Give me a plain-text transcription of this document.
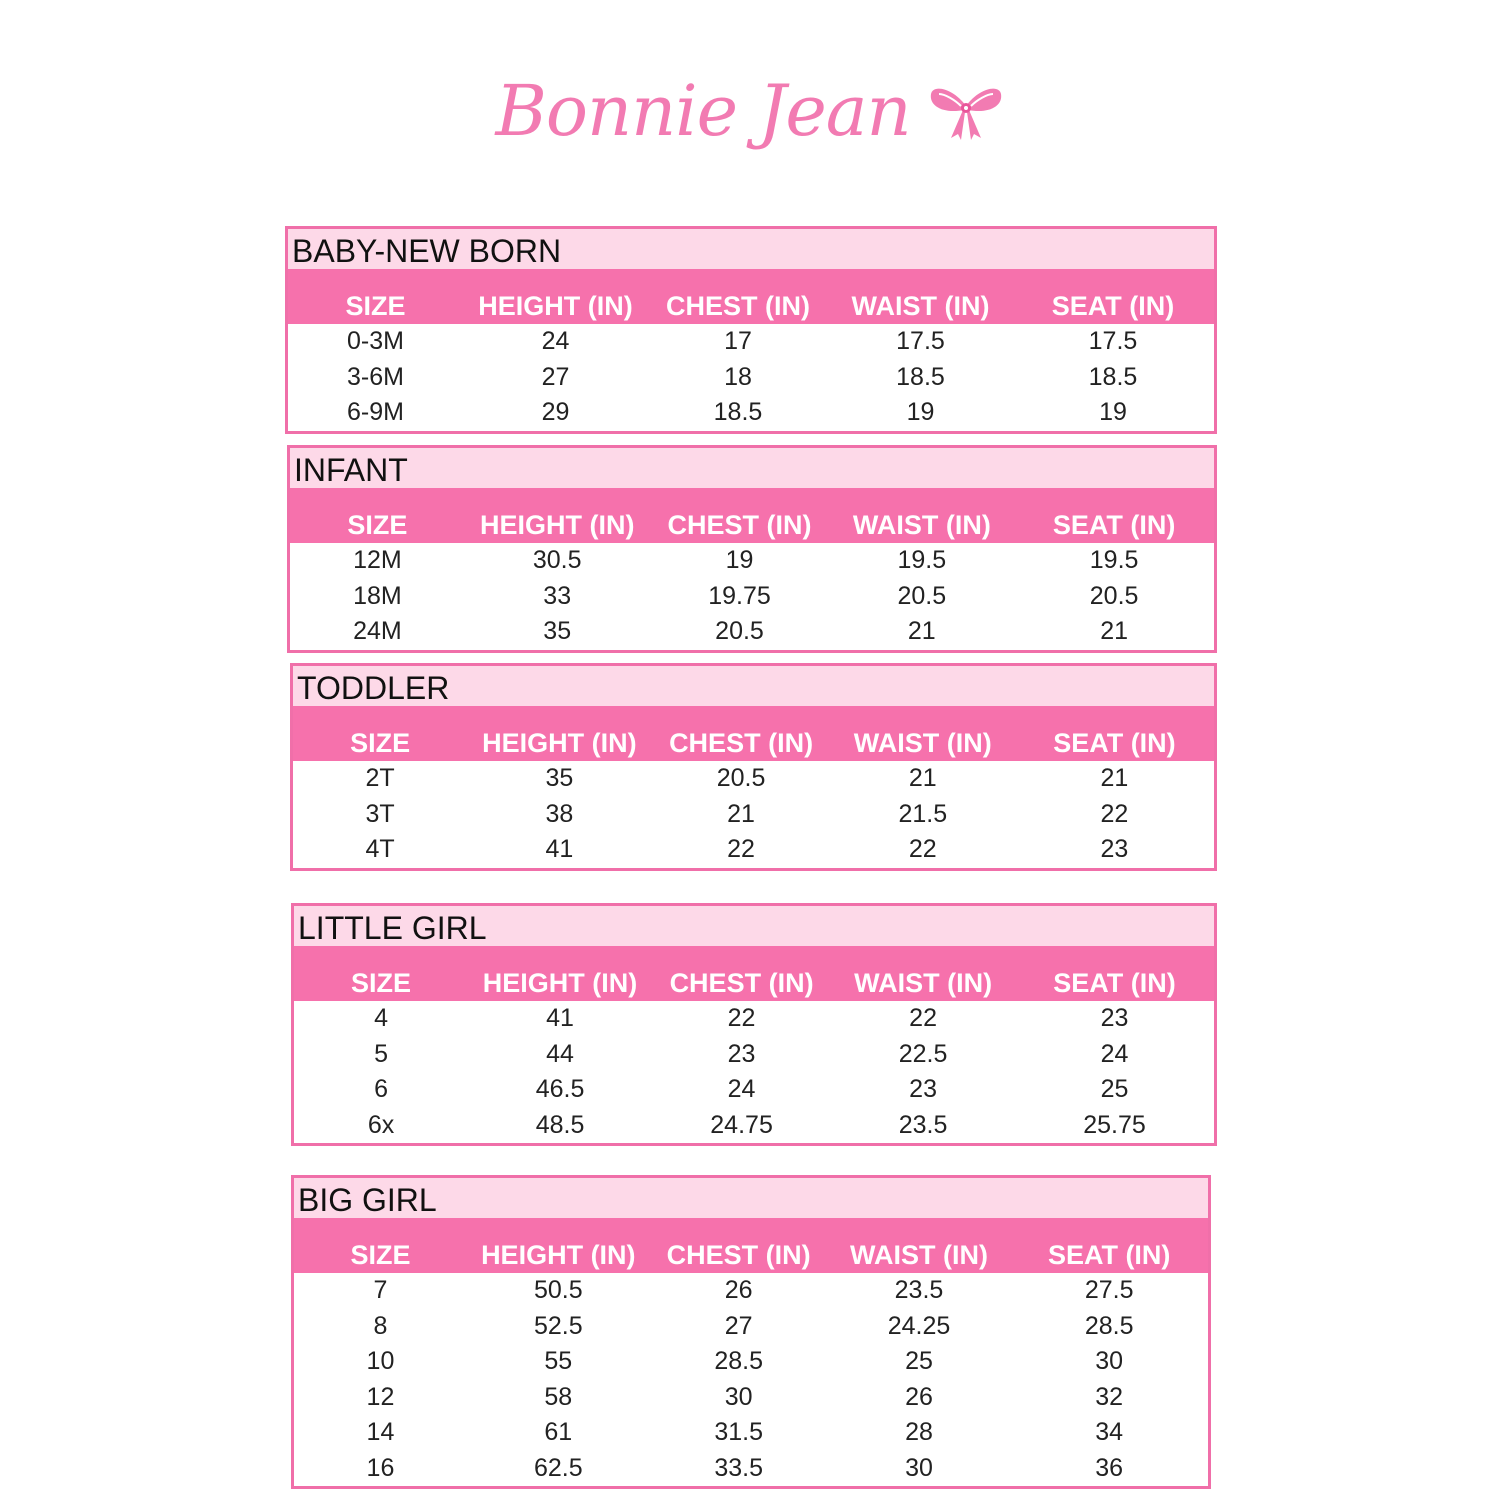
Bonnie Jean
BABY-NEW BORN
SIZE	HEIGHT (IN)	CHEST (IN)	WAIST (IN)	SEAT (IN)
0-3M	24	17	17.5	17.5
3-6M	27	18	18.5	18.5
6-9M	29	18.5	19	19
INFANT
SIZE	HEIGHT (IN)	CHEST (IN)	WAIST (IN)	SEAT (IN)
12M	30.5	19	19.5	19.5
18M	33	19.75	20.5	20.5
24M	35	20.5	21	21
TODDLER
SIZE	HEIGHT (IN)	CHEST (IN)	WAIST (IN)	SEAT (IN)
2T	35	20.5	21	21
3T	38	21	21.5	22
4T	41	22	22	23
LITTLE GIRL
SIZE	HEIGHT (IN)	CHEST (IN)	WAIST (IN)	SEAT (IN)
4	41	22	22	23
5	44	23	22.5	24
6	46.5	24	23	25
6x	48.5	24.75	23.5	25.75
BIG GIRL
SIZE	HEIGHT (IN)	CHEST (IN)	WAIST (IN)	SEAT (IN)
7	50.5	26	23.5	27.5
8	52.5	27	24.25	28.5
10	55	28.5	25	30
12	58	30	26	32
14	61	31.5	28	34
16	62.5	33.5	30	36
